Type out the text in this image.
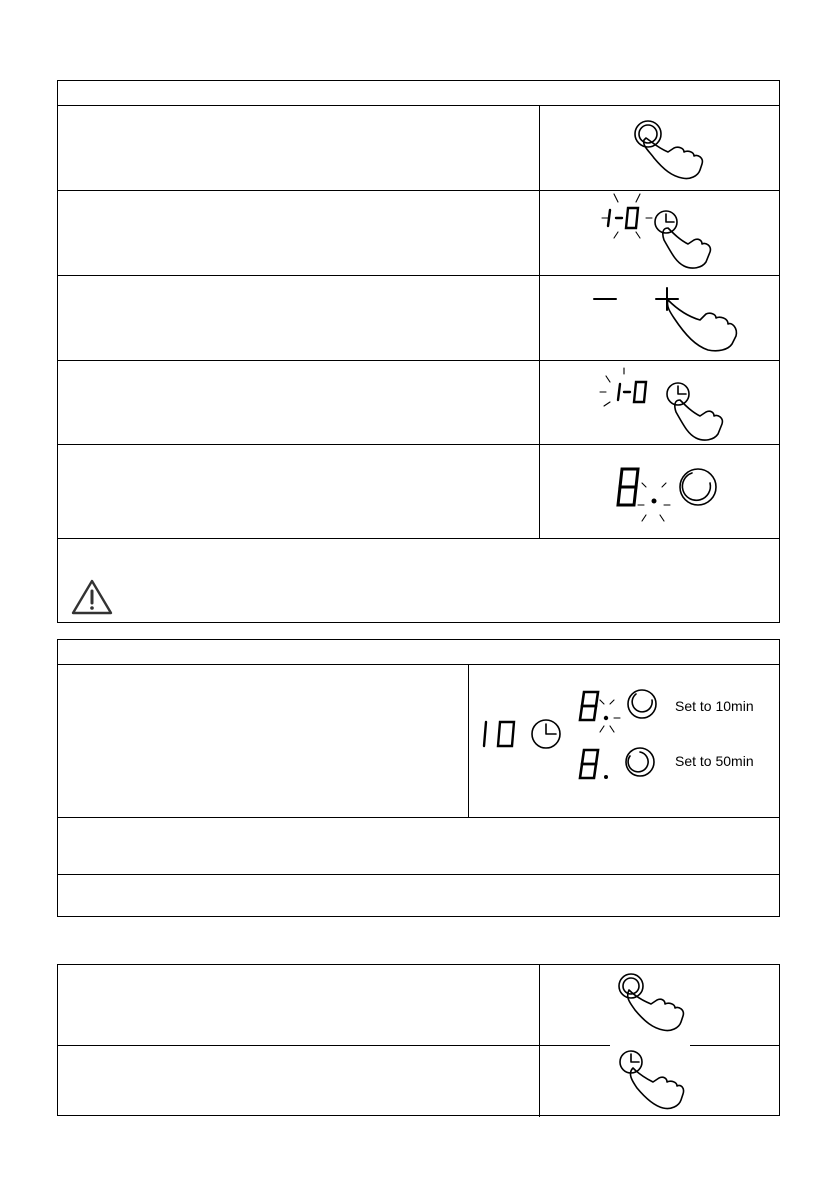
Set to 10min
Set to 50min
